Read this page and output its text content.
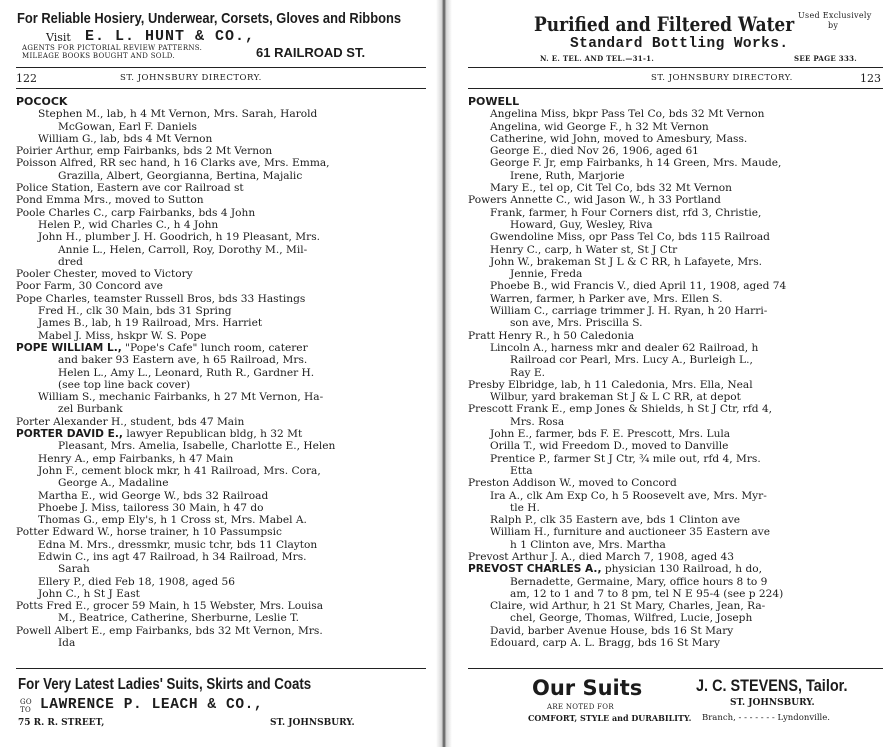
For Reliable Hosiery, Underwear, Corsets, Gloves and Ribbons
Visit E. L. HUNT & CO.,
AGENTS FOR PICTORIAL REVIEW PATTERNS.
MILEAGE BOOKS BOUGHT AND SOLD.	61 RAILROAD ST.
122	ST. JOHNSBURY DIRECTORY.
POCOCK
Stephen M., lab, h 4 Mt Vernon, Mrs. Sarah, Harold
McGowan, Earl F. Daniels
William G., lab, bds 4 Mt Vernon
Poirier Arthur, emp Fairbanks, bds 2 Mt Vernon
Poisson Alfred, RR sec hand, h 16 Clarks ave, Mrs. Emma,
Grazilla, Albert, Georgianna, Bertina, Majalic
Police Station, Eastern ave cor Railroad st
Pond Emma Mrs., moved to Sutton
Poole Charles C., carp Fairbanks, bds 4 John
Helen P., wid Charles C., h 4 John
John H., plumber J. H. Goodrich, h 19 Pleasant, Mrs.
Annie L., Helen, Carroll, Roy, Dorothy M., Mil-
dred
Pooler Chester, moved to Victory
Poor Farm, 30 Concord ave
Pope Charles, teamster Russell Bros, bds 33 Hastings
Fred H., clk 30 Main, bds 31 Spring
James B., lab, h 19 Railroad, Mrs. Harriet
Mabel J. Miss, hskpr W. S. Pope
POPE WILLIAM L., "Pope's Cafe" lunch room, caterer
and baker 93 Eastern ave, h 65 Railroad, Mrs.
Helen L., Amy L., Leonard, Ruth R., Gardner H.
(see top line back cover)
William S., mechanic Fairbanks, h 27 Mt Vernon, Ha-
zel Burbank
Porter Alexander H., student, bds 47 Main
PORTER DAVID E., lawyer Republican bldg, h 32 Mt
Pleasant, Mrs. Amelia, Isabelle, Charlotte E., Helen
Henry A., emp Fairbanks, h 47 Main
John F., cement block mkr, h 41 Railroad, Mrs. Cora,
George A., Madaline
Martha E., wid George W., bds 32 Railroad
Phoebe J. Miss, tailoress 30 Main, h 47 do
Thomas G., emp Ely's, h 1 Cross st, Mrs. Mabel A.
Potter Edward W., horse trainer, h 10 Passumpsic
Edna M. Mrs., dressmkr, music tchr, bds 11 Clayton
Edwin C., ins agt 47 Railroad, h 34 Railroad, Mrs.
Sarah
Ellery P., died Feb 18, 1908, aged 56
John C., h St J East
Potts Fred E., grocer 59 Main, h 15 Webster, Mrs. Louisa
M., Beatrice, Catherine, Sherburne, Leslie T.
Powell Albert E., emp Fairbanks, bds 32 Mt Vernon, Mrs.
Ida
For Very Latest Ladies' Suits, Skirts and Coats
GO
TO LAWRENCE P. LEACH & CO.,
75 R. R. STREET,	ST. JOHNSBURY.
Purified and Filtered Water Used Exclusively
by
Standard Bottling Works.
N. E. TEL. AND TEL.—31-1.	SEE PAGE 333.
ST. JOHNSBURY DIRECTORY.	123
POWELL
Angelina Miss, bkpr Pass Tel Co, bds 32 Mt Vernon
Angelina, wid George F., h 32 Mt Vernon
Catherine, wid John, moved to Amesbury, Mass.
George E., died Nov 26, 1906, aged 61
George F. Jr, emp Fairbanks, h 14 Green, Mrs. Maude,
Irene, Ruth, Marjorie
Mary E., tel op, Cit Tel Co, bds 32 Mt Vernon
Powers Annette C., wid Jason W., h 33 Portland
Frank, farmer, h Four Corners dist, rfd 3, Christie,
Howard, Guy, Wesley, Riva
Gwendoline Miss, opr Pass Tel Co, bds 115 Railroad
Henry C., carp, h Water st, St J Ctr
John W., brakeman St J L & C RR, h Lafayete, Mrs.
Jennie, Freda
Phoebe B., wid Francis V., died April 11, 1908, aged 74
Warren, farmer, h Parker ave, Mrs. Ellen S.
William C., carriage trimmer J. H. Ryan, h 20 Harri-
son ave, Mrs. Priscilla S.
Pratt Henry R., h 50 Caledonia
Lincoln A., harness mkr and dealer 62 Railroad, h
Railroad cor Pearl, Mrs. Lucy A., Burleigh L.,
Ray E.
Presby Elbridge, lab, h 11 Caledonia, Mrs. Ella, Neal
Wilbur, yard brakeman St J & L C RR, at depot
Prescott Frank E., emp Jones & Shields, h St J Ctr, rfd 4,
Mrs. Rosa
John E., farmer, bds F. E. Prescott, Mrs. Lula
Orilla T., wid Freedom D., moved to Danville
Prentice P., farmer St J Ctr, ¾ mile out, rfd 4, Mrs.
Etta
Preston Addison W., moved to Concord
Ira A., clk Am Exp Co, h 5 Roosevelt ave, Mrs. Myr-
tle H.
Ralph P., clk 35 Eastern ave, bds 1 Clinton ave
William H., furniture and auctioneer 35 Eastern ave
h 1 Clinton ave, Mrs. Martha
Prevost Arthur J. A., died March 7, 1908, aged 43
PREVOST CHARLES A., physician 130 Railroad, h do,
Bernadette, Germaine, Mary, office hours 8 to 9
am, 12 to 1 and 7 to 8 pm, tel N E 95-4 (see p 224)
Claire, wid Arthur, h 21 St Mary, Charles, Jean, Ra-
chel, George, Thomas, Wilfred, Lucie, Joseph
David, barber Avenue House, bds 16 St Mary
Edouard, carp A. L. Bragg, bds 16 St Mary
Our Suits
ARE NOTED FOR
COMFORT, STYLE and DURABILITY.
J. C. STEVENS, Tailor.
ST. JOHNSBURY.
Branch, - - - - - - - Lyndonville.
